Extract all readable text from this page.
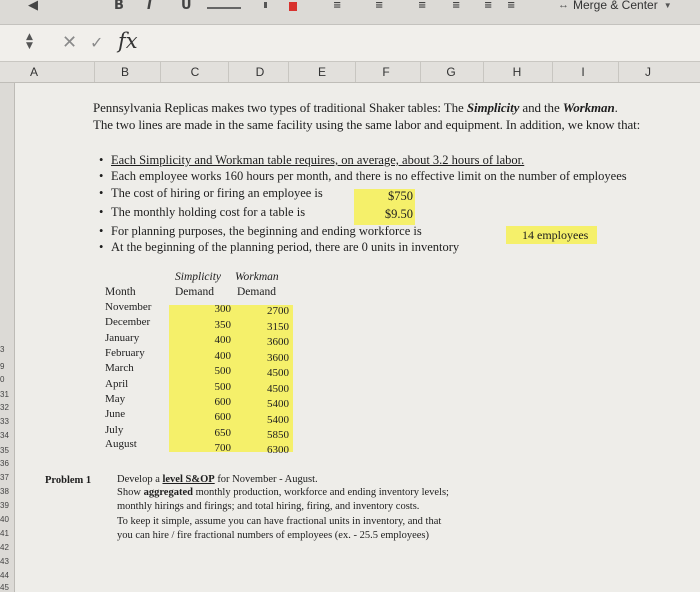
◀	B I U	≡	≡	≡	≡ ≡ ≡	↔ Merge & Center ▼
▲
▼ ✕ ✓ fx
A	B	C	D	E	F	G	H	I	J
3
9
0
31
32
33
34
35
36
37
38
39
40
41
42
43
44
45
Pennsylvania Replicas makes two types of traditional Shaker tables: The Simplicity and the Workman.
The two lines are made in the same facility using the same labor and equipment. In addition, we know that:
• Each Simplicity and Workman table requires, on average, about 3.2 hours of labor.
• Each employee works 160 hours per month, and there is no effective limit on the number of employees
• The cost of hiring or firing an employee is
• The monthly holding cost for a table is
• For planning purposes, the beginning and ending workforce is
• At the beginning of the planning period, there are 0 units in inventory
$750
$9.50
14 employees
Simplicity Workman
Month	Demand Demand
November	300	2700
December	350	3150
January	400	3600
February	400	3600
March	500	4500
April	500	4500
May	600	5400
June	600	5400
July	650	5850
August	700	6300
Problem 1 Develop a level S&OP for November - August.
Show aggregated monthly production, workforce and ending inventory levels;
monthly hirings and firings; and total hiring, firing, and inventory costs.
To keep it simple, assume you can have fractional units in inventory, and that
you can hire / fire fractional numbers of employees (ex. - 25.5 employees)
